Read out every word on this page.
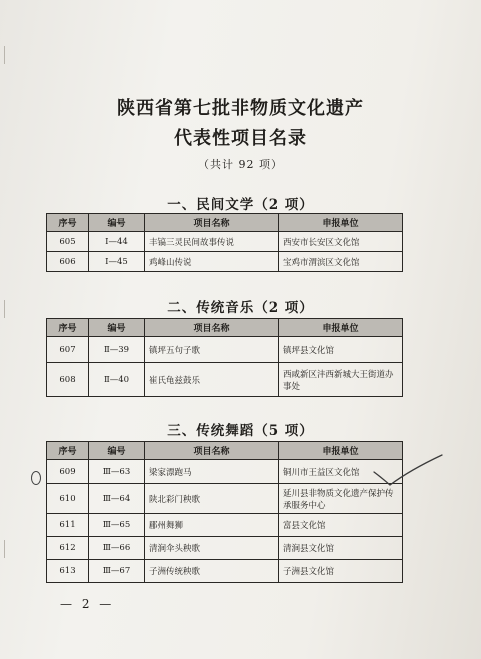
陕西省第七批非物质文化遗产
代表性项目名录
（共计 92 项）
一、民间文学（2 项）
序号	编号	项目名称	申报单位
605	Ⅰ—44	丰镐三灵民间故事传说	西安市长安区文化馆
606	Ⅰ—45	鸡峰山传说	宝鸡市渭滨区文化馆
二、传统音乐（2 项）
序号	编号	项目名称	申报单位
607	Ⅱ—39	镇坪五句子歌	镇坪县文化馆
608	Ⅱ—40	崔氏龟兹鼓乐	西咸新区沣西新城大王街道办事处
三、传统舞蹈（5 项）
序号	编号	项目名称	申报单位
609	Ⅲ—63	梁家漂跑马	铜川市王益区文化馆
610	Ⅲ—64	陕北彩门秧歌	延川县非物质文化遗产保护传承服务中心
611	Ⅲ—65	郿州舞狮	富县文化馆
612	Ⅲ—66	清涧伞头秧歌	清涧县文化馆
613	Ⅲ—67	子洲传统秧歌	子洲县文化馆
— 2 —
